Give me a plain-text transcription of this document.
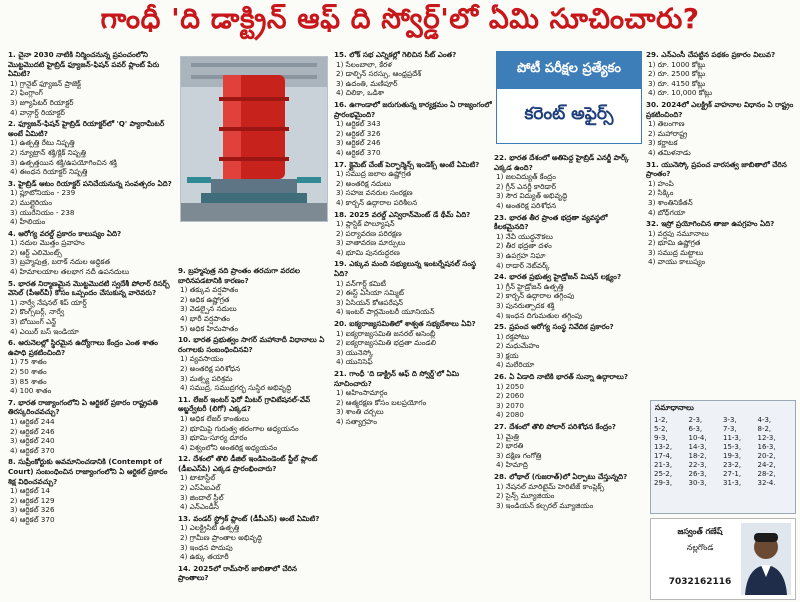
గాంధీ 'ది డాక్ట్రిన్ ఆఫ్ ది స్వోర్డ్'లో ఏమి సూచించారు?
1. చైనా 2030 నాటికి నిర్మించనున్న ప్రపంచంలోని మొట్టమొదటి హైబ్రిడ్ ఫ్యూజన్-ఫిషన్ పవర్ ప్లాంట్ పేరు ఏమిటి?
1) గ్రానైట్ ఫ్యూజన్ ప్రాజెక్ట్
2) ఫింగ్లాంగ్
3) జ్యూపిటర్ రియాక్టర్
4) వాన్గార్డ్ రియాక్టర్
2. ఫ్యూజన్-ఫిషన్ హైబ్రిడ్ రియాక్టర్‌లో 'Q' ప్యారామీటర్ అంటే ఏమిటి?
1) ఉత్పత్తి రేటు నిష్పత్తి
2) న్యూట్రాన్ శక్తి/క్లిక్ నిష్పత్తి
3) ఉత్పత్తయిన శక్తి/ఉపయోగించిన శక్తి
4) ఈంధ‌న రియాక్టర్ నిష్పత్తి
3. హైబ్రిడ్ ఆటం రియాక్టర్ పనిచేయనున్న సంవత్సరం ఏది?
1) ప్లూటోనియం - 239
2) ముల్లైరియం
3) యురేనియం - 238
4) హీలియం
4. ఆరోగ్య వరల్డ్ ప్రకారం కాలుష్యం ఏది?
1) నదుల మొత్తం ప్రవాహం
2) ఆర్ట్ ఎలిమెంట్స్
3) బ్రహ్మపుత్ర, బరాక్ నదుల అధ్ధికత
4) హిమాలయాల తలభాగ నదీ ఉపనదులు
5. భారత నిర్మాణమైన మొట్టమొదటి స్వదేశీ పోలార్ రిసర్చ్ వెసెల్ (పీఆర్‌వీ) కోసం ఒప్పందం చేసుకున్న వారెవరు?
1) నార్వే నేషనల్ శిప్ యార్డ్
2) కొంగ్స్‌బర్గ్, నార్వే
3) బోయింగ్ ఎన్జ్
4) ఎయిర్ బస్ ఇండియా
6. ఆరునెలల్లో స్థిరమైన ఉద్యోగాలు కేంద్రం ఎంత శాతం ఉపాధి ప్రకటించింది?
1) 75 శాతం
2) 50 శాతం
3) 85 శాతం
4) 100 శాతం
7. భారత రాజ్యాంగంలోని ఏ ఆర్టికల్ ప్రకారం రాష్ట్రపతి తిరస్కరించవచ్చు?
1) ఆర్టికల్ 244
2) ఆర్టికల్ 246
3) ఆర్టికల్ 240
4) ఆర్టికల్ 370
8. సుప్రీంకోర్టుకు అవమానించడానికి (Contempt of Court) సంబంధించిన రాజ్యాంగంలోని ఏ ఆర్టికల్ ప్రకారం శిక్ష విధించవచ్చు?
1) ఆర్టికల్ 14
2) ఆర్టికల్ 129
3) ఆర్టికల్ 326
4) ఆర్టికల్ 370
9. బ్రహ్మపుత్ర నది ప్రాంతం తరచుగా వరదల బారినపడటానికి కారణం?
1) తక్కువ వర్షపాతం
2) అధిక ఉష్ణోగ్రత
3) వెడల్పైన నదులు
4) భారీ వర్షపాతం
5) అధిక హిమపాతం
10. భారత ప్రభుత్వం సాగర్ మహానాదీ విధానాలు ఏ రంగాలకు సంబంధించినవి?
1) వ్యవసాయం
2) అంతరిక్ష పరిశోధన
3) మత్స్య పరిశ్రమ
4) సముద్ర, సముద్రగర్భ సుస్థిర అభివృద్ధి
11. లేజర్ ఇంటర్ ఫెరో మీటర్ గ్రావిటేషనల్-వేవ్ అబ్జర్వేటరీ (లిగో) ఎక్కడ?
1) అధిక లేజర్ కాంతులు
2) భూమిపై గురుత్వ తరంగాల అధ్యయనం
3) భూమి-సూర్య దూరం
4) విశ్వంలోని అంతరిక్ష అధ్యయనం
12. దేశంలో తొలి డీజిల్ ఇండిపెండెంట్ స్టీల్ ప్లాంట్ (డీఐఎస్‌పి) ఎక్కడ ప్రారంభించారు?
1) టాటాస్టీల్
2) ఎస్‌ఏఐఎల్
3) జిందాల్ స్టీల్
4) ఎన్‌ఎండీసీ
13. వండర్ స్ట్రోక్ ప్లాంట్ (డీపీఎస్) అంటే ఏమిటి?
1) ఎలక్ట్రిసిటీ ఉత్పత్తి
2) గ్రామీణ ప్రాంతాల అభివృద్ధి
3) ఇంధన పొదుపు
4) ఉక్కు తయారీ
14. 2025లో రామ్‌సార్ జాబితాలో చేరిన ప్రాంతాలు?
15. లోక్ సభ ఎన్నికల్లో గెలిచిన సీట్ ఎంత?
1) సేలంబాలా, కేరళ
2) డాల్ఫిన్ సరస్సు, ఆంధ్రప్రదేశ్
3) ఉదంతి, మణిపూర్
4) చిలికా, ఒడిశా
16. ఉగాండాలో జరుగుతున్న కార్యక్రమం ఏ రాజ్యంగంలో ప్రారంభమైంది?
1) ఆర్టికల్ 343
2) ఆర్టికల్ 326
3) ఆర్టికల్ 246
4) ఆర్టికల్ 370
17. క్లైమెట్ చేంజ్ పెర్ఫార్మెన్స్ ఇండెక్స్ అంటే ఏమిటి?
1) సముద్ర జలాల ఉష్ణోగ్రత
2) అంతరిక్ష నదులు
3) సహజ వనరుల సంరక్షణ
4) కార్బన్ ఉద్గారాల పరిశీలన
18. 2025 వరల్డ్ ఎన్విరాన్‌మెంట్ డే థీమ్ ఏది?
1) ప్లాస్టిక్ పొల్యూషన్
2) పర్యావరణ పరిరక్షణ
3) వాతావరణ మార్పులు
4) భూమి పునరుద్ధరణ
19. ఎక్కువ మంది సభ్యులున్న ఇంటర్నేషనల్ సంస్థ ఏది?
1) వన్‌గార్డ్ కమిటీ
2) ఈస్ట్ ఏసియా సమ్మిట్
3) ఏసియన్ కోఆపరేషన్
4) ఇంటర్ పార్లమెంటరీ యూనియన్
20. ఐక్యరాజ్యసమితిలో శాశ్వత సభ్యదేశాలు ఏవి?
1) ఐక్యరాజ్యసమితి జనరల్ అసెంబ్లీ
2) ఐక్యరాజ్యసమితి భద్రతా మండలి
3) యునెస్కో
4) యునిసెఫ్
21. గాంధీ 'ది డాక్ట్రిన్ ఆఫ్ ది స్వోర్డ్'లో ఏమి సూచించారు?
1) అహింసామార్గం
2) ఆత్మరక్షణ కోసం బలప్రయోగం
3) శాంతి చర్చలు
4) సత్యాగ్రహం
పోటీ పరీక్షల ప్రత్యేకం
కరెంట్ అఫైర్స్
22. భారత దేశంలో అతిపెద్ద హైబ్రిడ్ ఎనర్జీ పార్క్ ఎక్కడ ఉంది?
1) జలవిద్యుత్ కేంద్రం
2) గ్రీన్ ఎనర్జీ కారిడార్
3) సౌర విద్యుత్ అభివృద్ధి
4) అంతరిక్ష పరిశోధన
23. భారత తీర ప్రాంత భద్రతా వ్యవస్థలో కీలకమైనది?
1) నేవీ యుద్ధనౌకలు
2) తీర భద్రతా దళం
3) ఉపగ్రహ నిఘా
4) రాడార్ నెట్‌వర్క్
24. భారత ప్రభుత్వ హైడ్రోజన్ మిషన్ లక్ష్యం?
1) గ్రీన్ హైడ్రోజన్ ఉత్పత్తి
2) కార్బన్ ఉద్గారాల తగ్గింపు
3) పునరుత్పాదక శక్తి
4) ఇంధన దిగుమతుల తగ్గింపు
25. ప్రపంచ ఆరోగ్య సంస్థ నివేదిక ప్రకారం?
1) రక్తపోటు
2) మధుమేహం
3) క్షయ
4) మలేరియా
26. ఏ ఏడాది నాటికి భారత్ సున్నా ఉద్గారాలు?
1) 2050
2) 2060
3) 2070
4) 2080
27. దేశంలో తొలి పోలార్ పరిశోధన కేంద్రం?
1) మైత్రి
2) భారతి
3) దక్షిణ గంగోత్రి
4) హిమాద్రి
28. లోథాల్ (గుజరాత్)లో ఏర్పాటు చేస్తున్నది?
1) నేషనల్ మారిటైమ్ హెరిటేజ్ కాంప్లెక్స్
2) సైన్స్ మ్యూజియం
3) ఇండియన్ కల్చరల్ మ్యూజియం
29. ఎన్‌ఎంసీ చేపట్టిన పథకం ప్రకారం విలువ?
1) రూ. 1000 కోట్లు
2) రూ. 2500 కోట్లు
3) రూ. 4150 కోట్లు
4) రూ. 10,000 కోట్లు
30. 2024లో ఎలక్ట్రిక్ వాహనాల విధానం ఏ రాష్ట్రం ప్రకటించింది?
1) తెలంగాణ
2) మహారాష్ట్ర
3) కర్ణాటక
4) తమిళనాడు
31. యునెస్కో ప్రపంచ వారసత్వ జాబితాలో చేరిన ప్రాంతం?
1) హంపి
2) సిక్కిం
3) శాంతినికేతన్
4) బోధ్‌గయా
32. ఇస్రో ప్రయోగించిన తాజా ఉపగ్రహం ఏది?
1) వర్షపు నమూనాలు
2) భూమి ఉష్ణోగ్రత
3) సముద్ర మట్టాలు
4) వాయు కాలుష్యం
సమాధానాలు
1-2,	2-3,	3-3,	4-3,
5-2,	6-3,	7-3,	8-2,
9-3,	10-4,	11-3,	12-3,
13-2,	14-3,	15-3,	16-3,
17-4,	18-2,	19-3,	20-2,
21-3,	22-3,	23-2,	24-2,
25-2,	26-3,	27-1,	28-2,
29-3,	30-3,	31-3,	32-4.
జస్వంత్ గణేష్
నల్లగొండ
7032162116
